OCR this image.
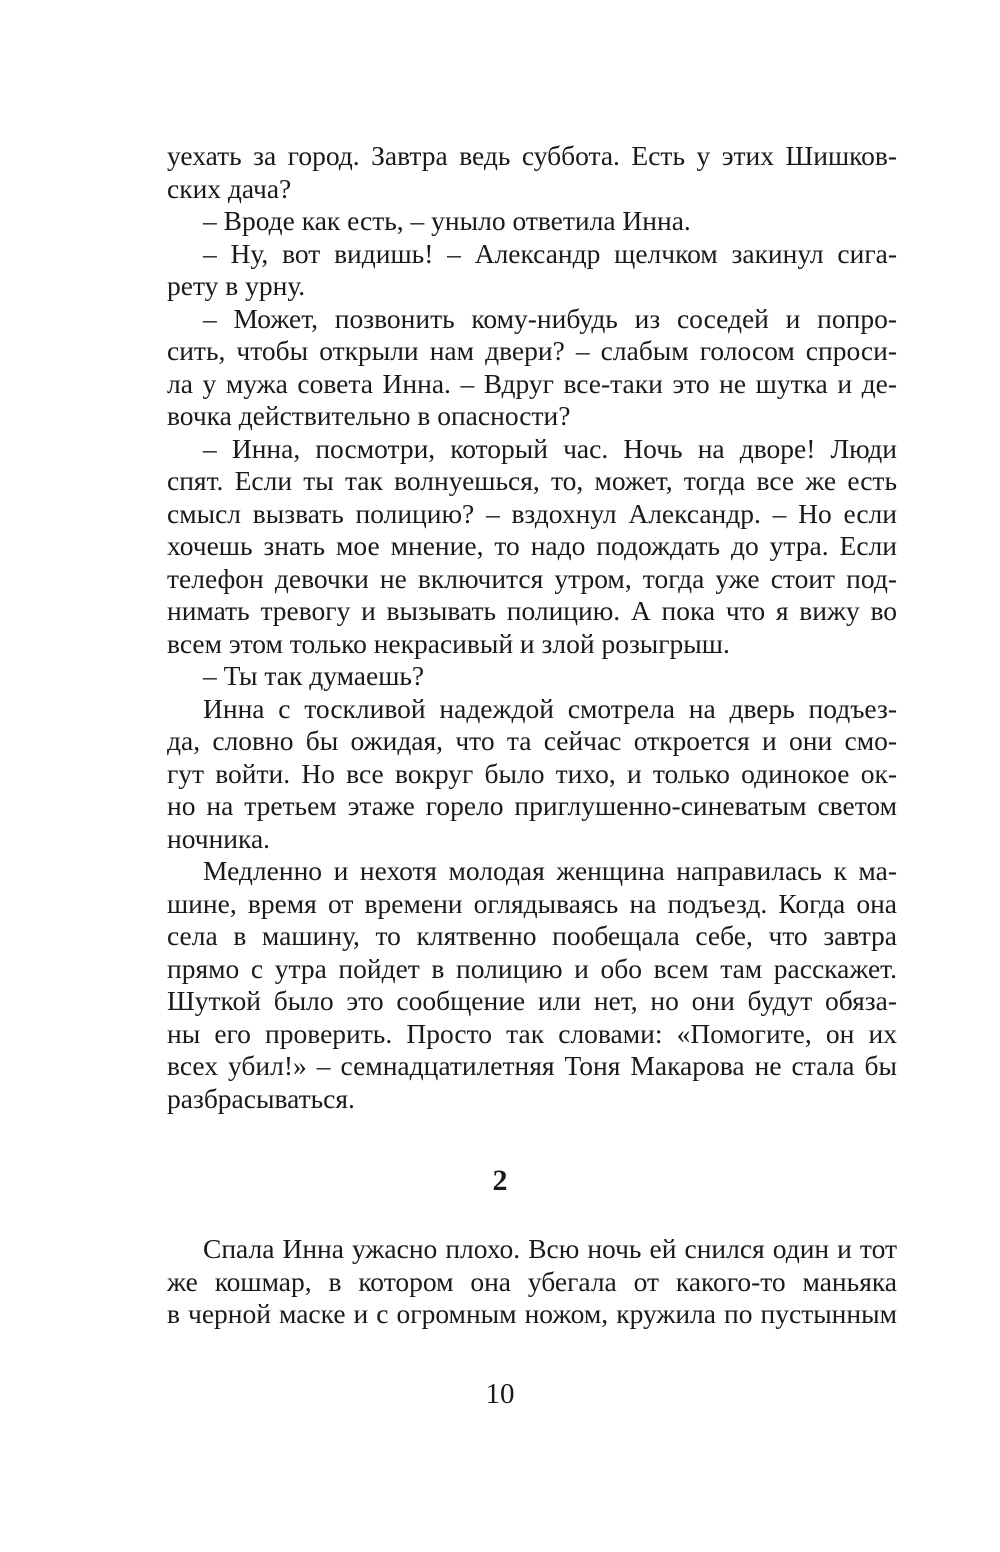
уехать за город. Завтра ведь суббота. Есть у этих Шишков-
ских дача?
– Вроде как есть, – уныло ответила Инна.
– Ну, вот видишь! – Александр щелчком закинул сига-
рету в урну.
– Может, позвонить кому-нибудь из соседей и попро-
сить, чтобы открыли нам двери? – слабым голосом спроси-
ла у мужа совета Инна. – Вдруг все-таки это не шутка и де-
вочка действительно в опасности?
– Инна, посмотри, который час. Ночь на дворе! Люди
спят. Если ты так волнуешься, то, может, тогда все же есть
смысл вызвать полицию? – вздохнул Александр. – Но если
хочешь знать мое мнение, то надо подождать до утра. Если
телефон девочки не включится утром, тогда уже стоит под-
нимать тревогу и вызывать полицию. А пока что я вижу во
всем этом только некрасивый и злой розыгрыш.
– Ты так думаешь?
Инна с тоскливой надеждой смотрела на дверь подъез-
да, словно бы ожидая, что та сейчас откроется и они смо-
гут войти. Но все вокруг было тихо, и только одинокое ок-
но на третьем этаже горело приглушенно-синеватым светом
ночника.
Медленно и нехотя молодая женщина направилась к ма-
шине, время от времени оглядываясь на подъезд. Когда она
села в машину, то клятвенно пообещала себе, что завтра
прямо с утра пойдет в полицию и обо всем там расскажет.
Шуткой было это сообщение или нет, но они будут обяза-
ны его проверить. Просто так словами: «Помогите, он их
всех убил!» – семнадцатилетняя Тоня Макарова не стала бы
разбрасываться.
2
Спала Инна ужасно плохо. Всю ночь ей снился один и тот
же кошмар, в котором она убегала от какого-то маньяка
в черной маске и с огромным ножом, кружила по пустынным
10
